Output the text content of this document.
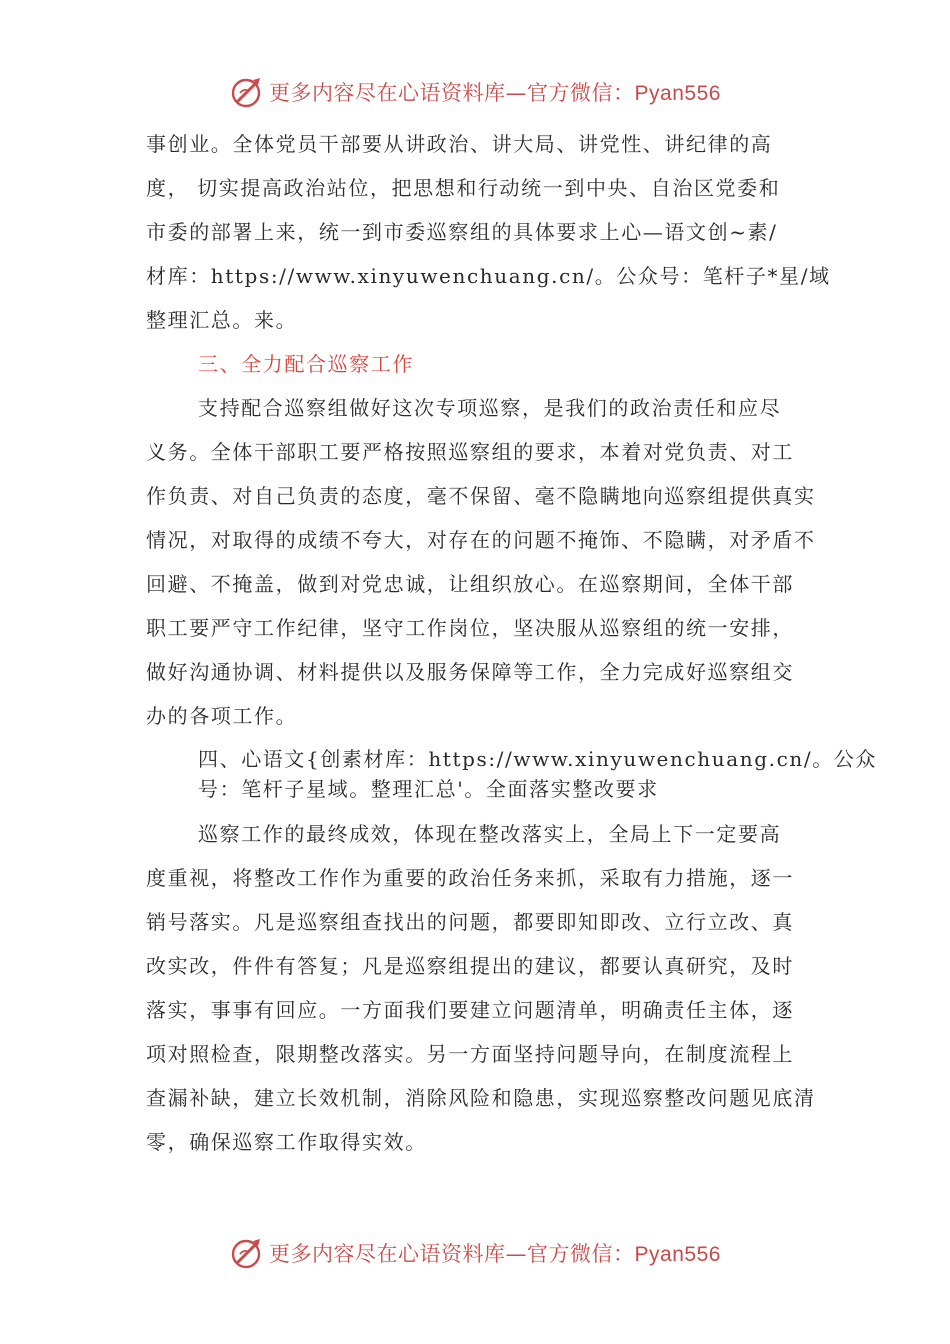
更多内容尽在心语资料库—官方微信：Pyan556
事创业。全体党员干部要从讲政治、讲大局、讲党性、讲纪律的高
度， 切实提高政治站位，把思想和行动统一到中央、自治区党委和
市委的部署上来，统一到市委巡察组的具体要求上心—语文创~素/
材库：https://www.xinyuwenchuang.cn/。公众号：笔杆子*星/域
整理汇总。来。
三、全力配合巡察工作
支持配合巡察组做好这次专项巡察，是我们的政治责任和应尽
义务。全体干部职工要严格按照巡察组的要求，本着对党负责、对工
作负责、对自己负责的态度，毫不保留、毫不隐瞒地向巡察组提供真实
情况，对取得的成绩不夸大，对存在的问题不掩饰、不隐瞒，对矛盾不
回避、不掩盖，做到对党忠诚，让组织放心。在巡察期间，全体干部
职工要严守工作纪律，坚守工作岗位，坚决服从巡察组的统一安排，
做好沟通协调、材料提供以及服务保障等工作，全力完成好巡察组交
办的各项工作。
四、心语文{创素材库：https://www.xinyuwenchuang.cn/。公众
号：笔杆子星域。整理汇总'。全面落实整改要求
巡察工作的最终成效，体现在整改落实上，全局上下一定要高
度重视，将整改工作作为重要的政治任务来抓，采取有力措施，逐一
销号落实。凡是巡察组查找出的问题，都要即知即改、立行立改、真
改实改，件件有答复；凡是巡察组提出的建议，都要认真研究，及时
落实，事事有回应。一方面我们要建立问题清单，明确责任主体，逐
项对照检查，限期整改落实。另一方面坚持问题导向，在制度流程上
查漏补缺，建立长效机制，消除风险和隐患，实现巡察整改问题见底清
零，确保巡察工作取得实效。
更多内容尽在心语资料库—官方微信：Pyan556
